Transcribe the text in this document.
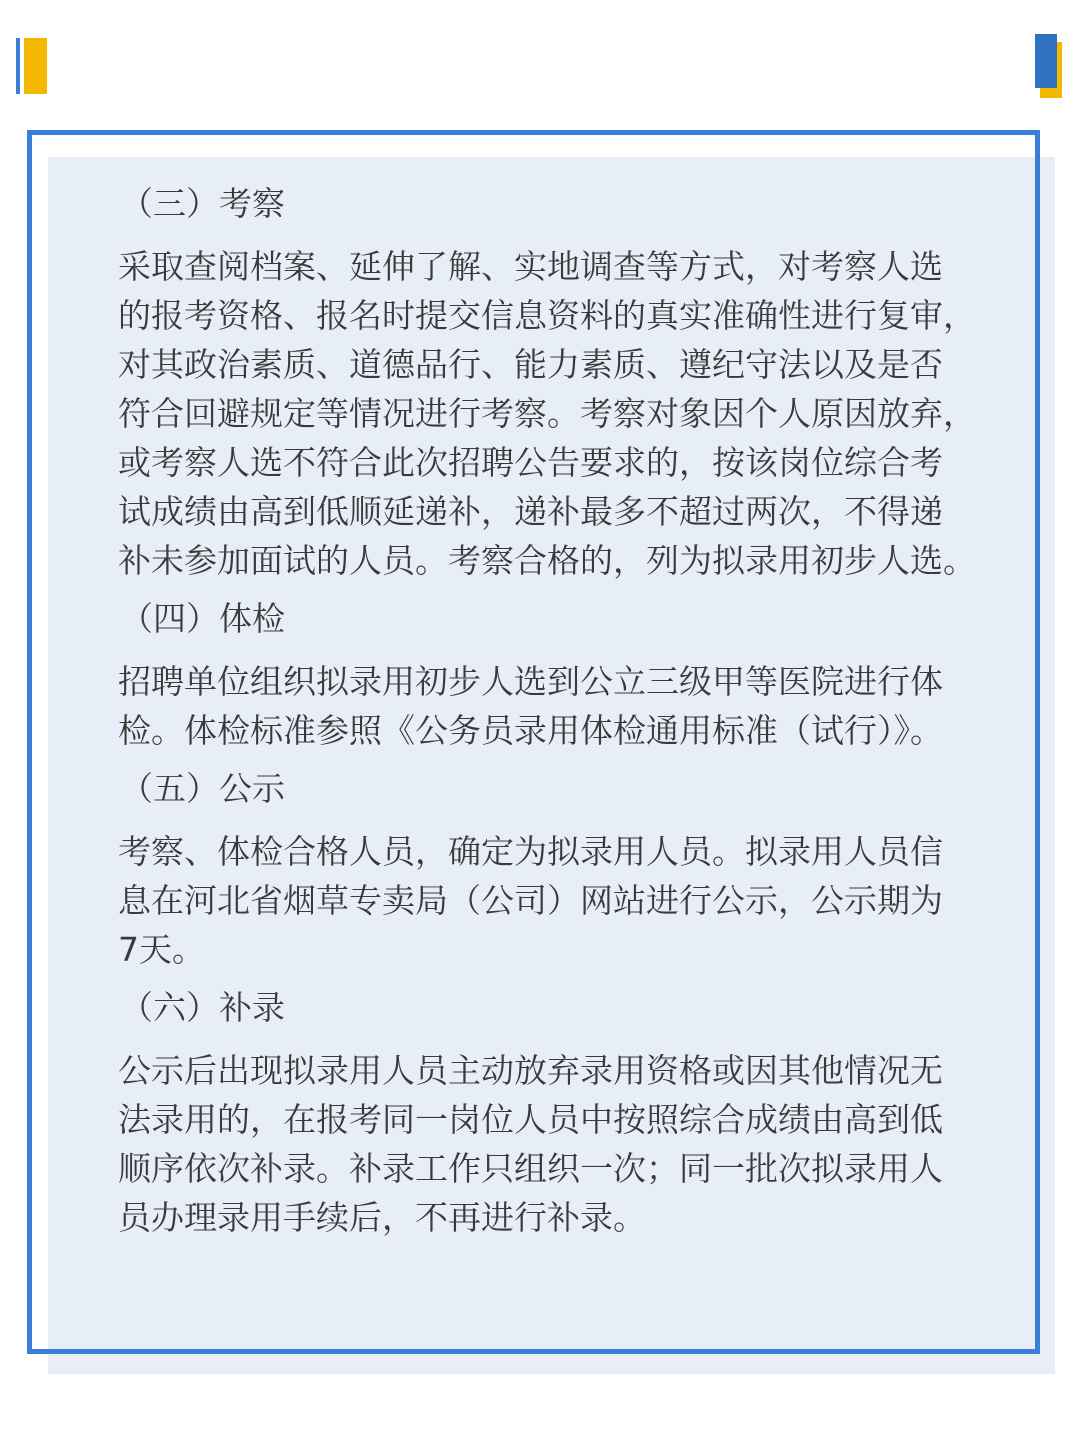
（三）考察
采取查阅档案、延伸了解、实地调查等方式，对考察人选
的报考资格、报名时提交信息资料的真实准确性进行复审，
对其政治素质、道德品行、能力素质、遵纪守法以及是否
符合回避规定等情况进行考察。考察对象因个人原因放弃，
或考察人选不符合此次招聘公告要求的，按该岗位综合考
试成绩由高到低顺延递补，递补最多不超过两次，不得递
补未参加面试的人员。考察合格的，列为拟录用初步人选。
（四）体检
招聘单位组织拟录用初步人选到公立三级甲等医院进行体
检。体检标准参照《公务员录用体检通用标准（试行）》。
（五）公示
考察、体检合格人员，确定为拟录用人员。拟录用人员信
息在河北省烟草专卖局（公司）网站进行公示，公示期为
7天。
（六）补录
公示后出现拟录用人员主动放弃录用资格或因其他情况无
法录用的，在报考同一岗位人员中按照综合成绩由高到低
顺序依次补录。补录工作只组织一次；同一批次拟录用人
员办理录用手续后，不再进行补录。
